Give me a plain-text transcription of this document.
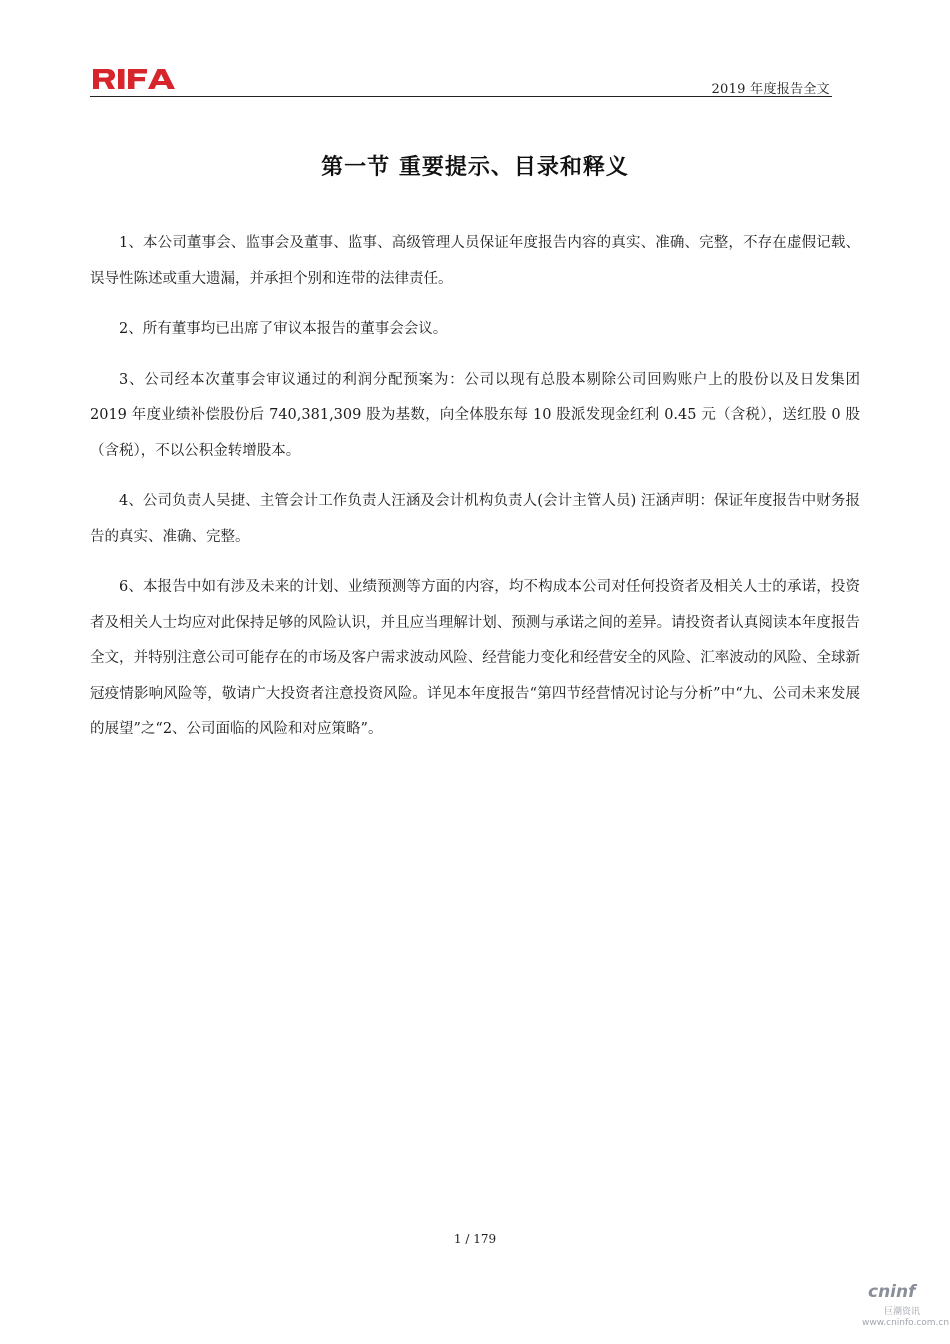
RIFA
2019 年度报告全文
第一节 重要提示、目录和释义

1、本公司董事会、监事会及董事、监事、高级管理人员保证年度报告内容的真实、准确、完整，不存在虚假记载、误导性陈述或重大遗漏，并承担个别和连带的法律责任。

2、所有董事均已出席了审议本报告的董事会会议。

3、公司经本次董事会审议通过的利润分配预案为：公司以现有总股本剔除公司回购账户上的股份以及日发集团 2019 年度业绩补偿股份后 740,381,309 股为基数，向全体股东每 10 股派发现金红利 0.45 元（含税），送红股 0 股（含税），不以公积金转增股本。

4、公司负责人吴捷、主管会计工作负责人汪涵及会计机构负责人(会计主管人员) 汪涵声明：保证年度报告中财务报告的真实、准确、完整。

6、本报告中如有涉及未来的计划、业绩预测等方面的内容，均不构成本公司对任何投资者及相关人士的承诺，投资者及相关人士均应对此保持足够的风险认识，并且应当理解计划、预测与承诺之间的差异。请投资者认真阅读本年度报告全文，并特别注意公司可能存在的市场及客户需求波动风险、经营能力变化和经营安全的风险、汇率波动的风险、全球新冠疫情影响风险等，敬请广大投资者注意投资风险。详见本年度报告“第四节经营情况讨论与分析”中“九、公司未来发展的展望”之“2、公司面临的风险和对应策略”。

1 / 179
cninf
巨潮资讯
www.cninfo.com.cn
